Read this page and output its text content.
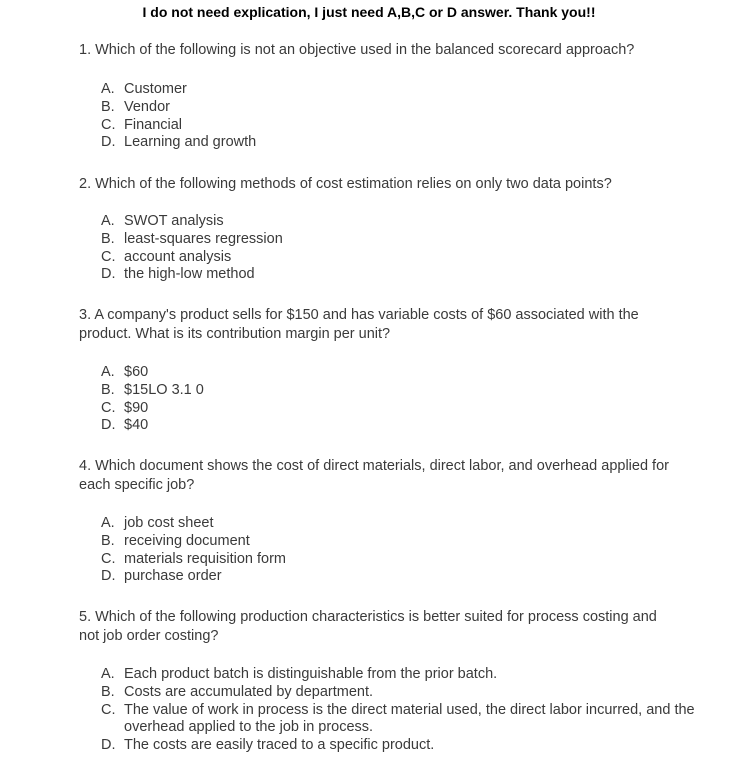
I do not need explication, I just need A,B,C or D answer. Thank you!!
1. Which of the following is not an objective used in the balanced scorecard approach?
A. Customer
B. Vendor
C. Financial
D. Learning and growth
2. Which of the following methods of cost estimation relies on only two data points?
A. SWOT analysis
B. least-squares regression
C. account analysis
D. the high-low method
3. A company's product sells for $150 and has variable costs of $60 associated with the product. What is its contribution margin per unit?
A. $60
B. $15LO 3.1 0
C. $90
D. $40
4. Which document shows the cost of direct materials, direct labor, and overhead applied for each specific job?
A. job cost sheet
B. receiving document
C. materials requisition form
D. purchase order
5. Which of the following production characteristics is better suited for process costing and not job order costing?
A. Each product batch is distinguishable from the prior batch.
B. Costs are accumulated by department.
C. The value of work in process is the direct material used, the direct labor incurred, and the overhead applied to the job in process.
D. The costs are easily traced to a specific product.
